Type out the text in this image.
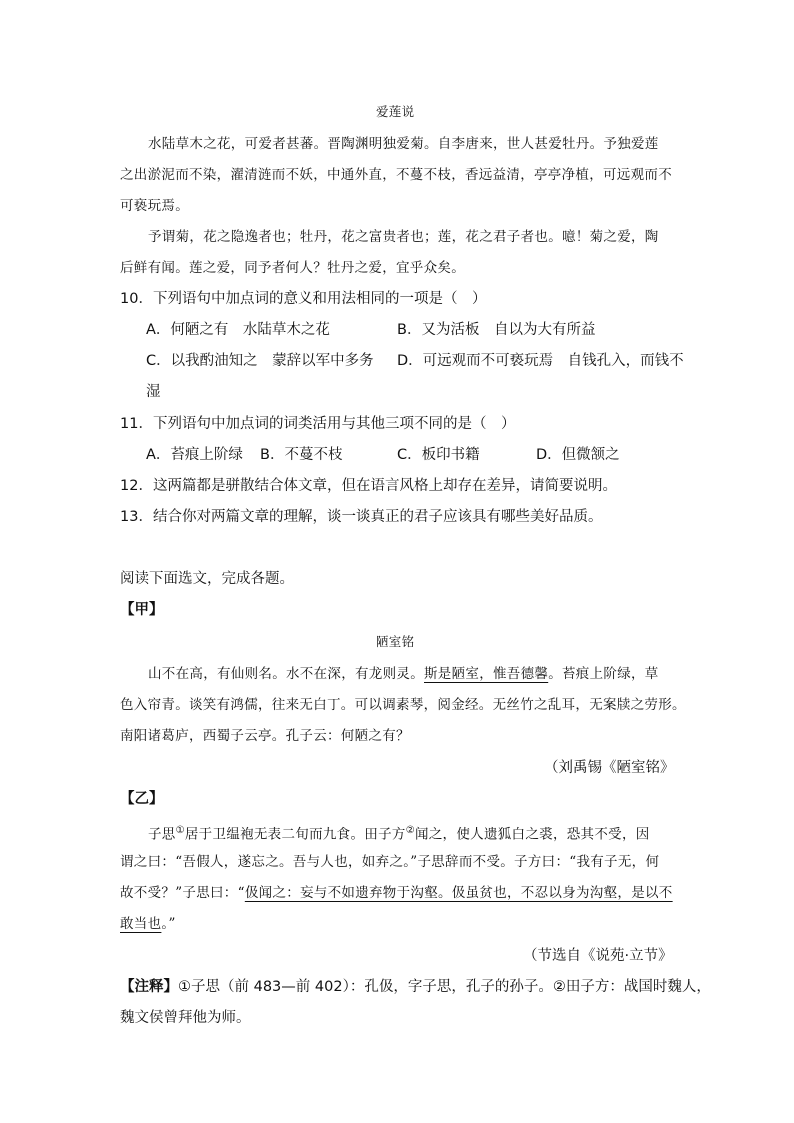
爱莲说
水陆草木之花，可爱者甚蕃。晋陶渊明独爱菊。自李唐来，世人甚爱牡丹。予独爱莲
之出淤泥而不染，濯清涟而不妖，中通外直，不蔓不枝，香远益清，亭亭净植，可远观而不
可亵玩焉。
予谓菊，花之隐逸者也；牡丹，花之富贵者也；莲，花之君子者也。噫！菊之爱，陶
后鲜有闻。莲之爱，同予者何人？牡丹之爱，宜乎众矣。
10．下列语句中加点词的意义和用法相同的一项是（　）
A．何陋之有　水陆草木之花	B．又为活板　自以为大有所益
C．以我酌油知之　蒙辞以军中多务 D．可远观而不可亵玩焉　自钱孔入，而钱不
湿
11．下列语句中加点词的词类活用与其他三项不同的是（　）
A．苔痕上阶绿 B．不蔓不枝	C．板印书籍	D．但微颔之
12．这两篇都是骈散结合体文章，但在语言风格上却存在差异，请简要说明。
13．结合你对两篇文章的理解，谈一谈真正的君子应该具有哪些美好品质。
阅读下面选文，完成各题。
【甲】
陋室铭
山不在高，有仙则名。水不在深，有龙则灵。斯是陋室，惟吾德馨。苔痕上阶绿，草
色入帘青。谈笑有鸿儒，往来无白丁。可以调素琴，阅金经。无丝竹之乱耳，无案牍之劳形。
南阳诸葛庐，西蜀子云亭。孔子云：何陋之有？
（刘禹锡《陋室铭》
【乙】
子思①居于卫缊袍无表二旬而九食。田子方②闻之，使人遗狐白之裘，恐其不受，因
谓之曰：“吾假人，遂忘之。吾与人也，如弃之。”子思辞而不受。子方曰：“我有子无，何
故不受？”子思曰：“伋闻之：妄与不如遗弃物于沟壑。伋虽贫也，不忍以身为沟壑，是以不
敢当也。”
（节选自《说苑·立节》
【注释】①子思（前 483—前 402）：孔伋，字子思，孔子的孙子。②田子方：战国时魏人，
魏文侯曾拜他为师。
